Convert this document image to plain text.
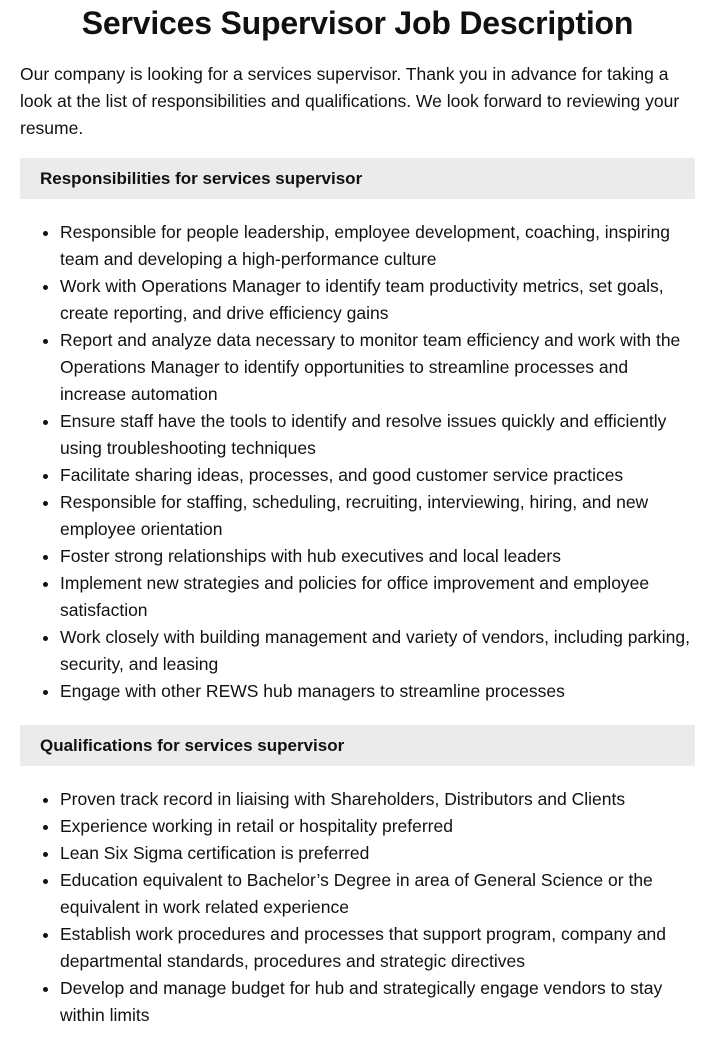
Services Supervisor Job Description

Our company is looking for a services supervisor. Thank you in advance for taking a look at the list of responsibilities and qualifications. We look forward to reviewing your resume.

Responsibilities for services supervisor
• Responsible for people leadership, employee development, coaching, inspiring team and developing a high-performance culture
• Work with Operations Manager to identify team productivity metrics, set goals, create reporting, and drive efficiency gains
• Report and analyze data necessary to monitor team efficiency and work with the Operations Manager to identify opportunities to streamline processes and increase automation
• Ensure staff have the tools to identify and resolve issues quickly and efficiently using troubleshooting techniques
• Facilitate sharing ideas, processes, and good customer service practices
• Responsible for staffing, scheduling, recruiting, interviewing, hiring, and new employee orientation
• Foster strong relationships with hub executives and local leaders
• Implement new strategies and policies for office improvement and employee satisfaction
• Work closely with building management and variety of vendors, including parking, security, and leasing
• Engage with other REWS hub managers to streamline processes
Qualifications for services supervisor
• Proven track record in liaising with Shareholders, Distributors and Clients
• Experience working in retail or hospitality preferred
• Lean Six Sigma certification is preferred
• Education equivalent to Bachelor’s Degree in area of General Science or the equivalent in work related experience
• Establish work procedures and processes that support program, company and departmental standards, procedures and strategic directives
• Develop and manage budget for hub and strategically engage vendors to stay within limits
